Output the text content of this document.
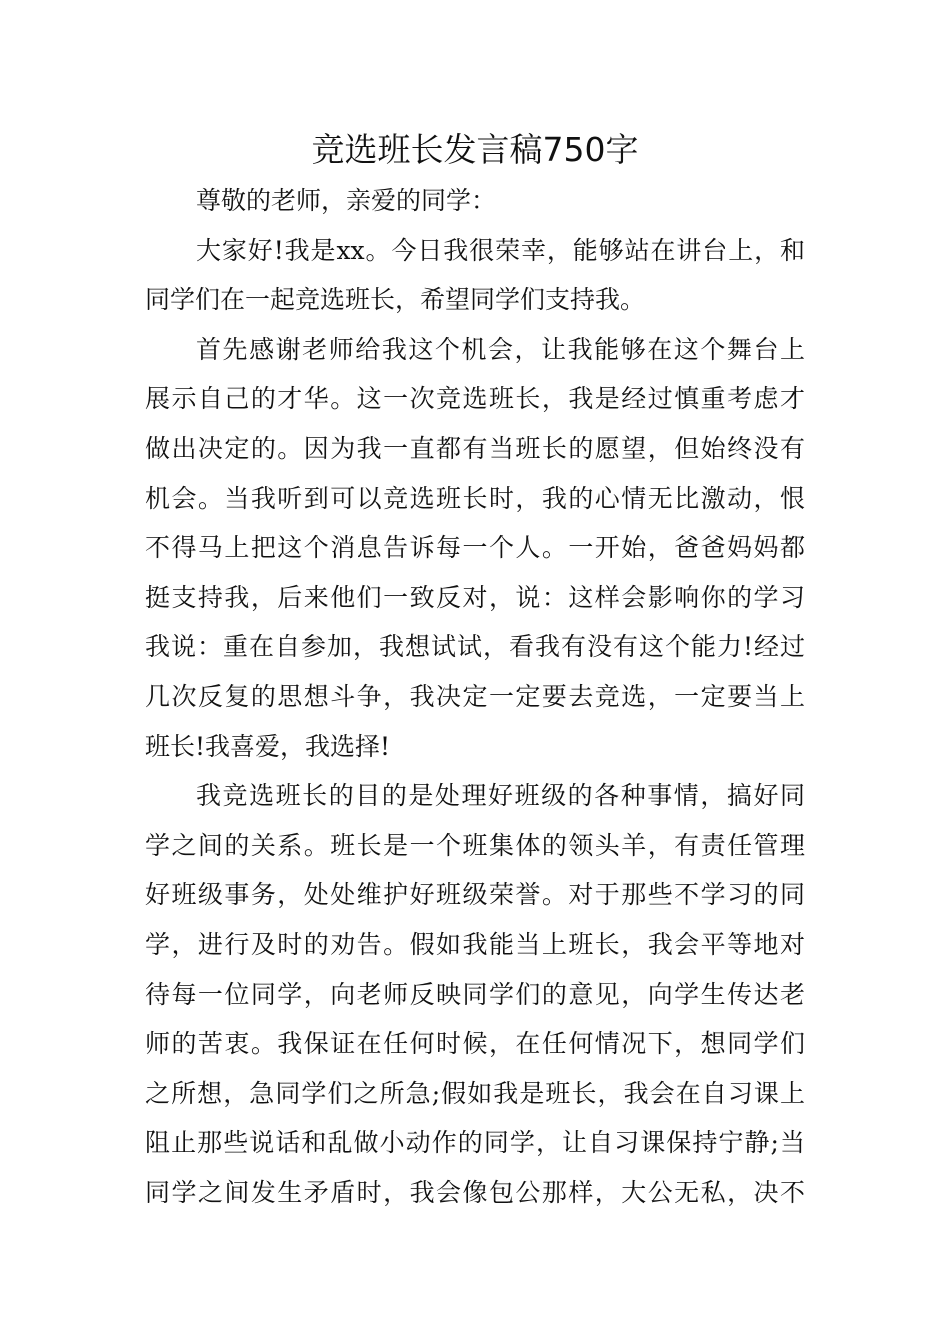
竞选班长发言稿750字
尊敬的老师，亲爱的同学：
大家好!我是xx。今日我很荣幸，能够站在讲台上，和
同学们在一起竞选班长，希望同学们支持我。
首先感谢老师给我这个机会，让我能够在这个舞台上
展示自己的才华。这一次竞选班长，我是经过慎重考虑才
做出决定的。因为我一直都有当班长的愿望，但始终没有
机会。当我听到可以竞选班长时，我的心情无比激动，恨
不得马上把这个消息告诉每一个人。一开始，爸爸妈妈都
挺支持我，后来他们一致反对，说：这样会影响你的学习
我说：重在自参加，我想试试，看我有没有这个能力!经过
几次反复的思想斗争，我决定一定要去竞选，一定要当上
班长!我喜爱，我选择!
我竞选班长的目的是处理好班级的各种事情，搞好同
学之间的关系。班长是一个班集体的领头羊，有责任管理
好班级事务，处处维护好班级荣誉。对于那些不学习的同
学，进行及时的劝告。假如我能当上班长，我会平等地对
待每一位同学，向老师反映同学们的意见，向学生传达老
师的苦衷。我保证在任何时候，在任何情况下，想同学们
之所想，急同学们之所急;假如我是班长，我会在自习课上
阻止那些说话和乱做小动作的同学，让自习课保持宁静;当
同学之间发生矛盾时，我会像包公那样，大公无私，决不
